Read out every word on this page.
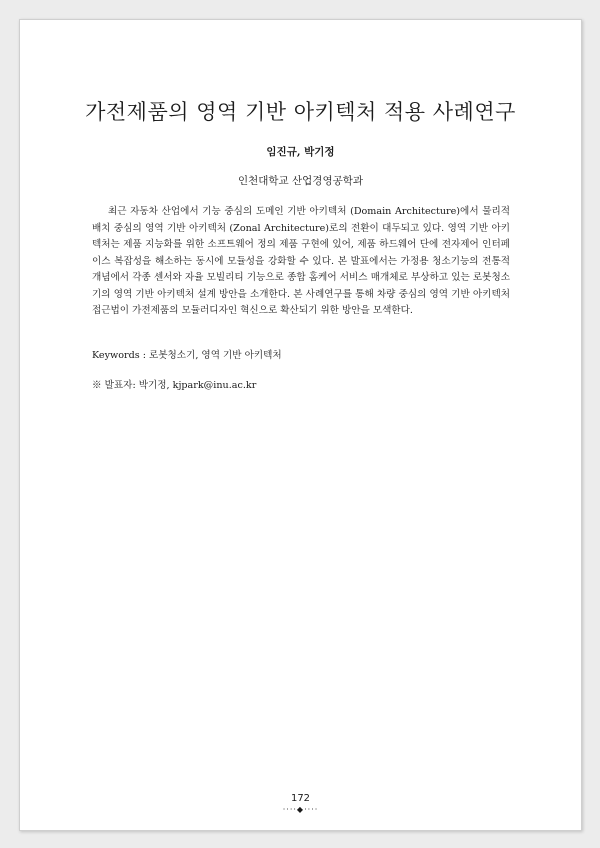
가전제품의 영역 기반 아키텍처 적용 사례연구
임진규, 박기정
인천대학교 산업경영공학과

최근 자동차 산업에서 기능 중심의 도메인 기반 아키텍처 (Domain Architecture)에서 물리적 배치 중심의 영역 기반 아키텍처 (Zonal Architecture)로의 전환이 대두되고 있다. 영역 기반 아키텍처는 제품 지능화를 위한 소프트웨어 정의 제품 구현에 있어, 제품 하드웨어 단에 전자제어 인터페이스 복잡성을 해소하는 동시에 모듈성을 강화할 수 있다. 본 발표에서는 가정용 청소기능의 전통적 개념에서 각종 센서와 자율 모빌리티 기능으로 종합 홈케어 서비스 매개체로 부상하고 있는 로봇청소기의 영역 기반 아키텍처 설계 방안을 소개한다. 본 사례연구를 통해 차량 중심의 영역 기반 아키텍처 접근법이 가전제품의 모듈러디자인 혁신으로 확산되기 위한 방안을 모색한다.

Keywords : 로봇청소기, 영역 기반 아키텍처
※ 발표자: 박기정, kjpark@inu.ac.kr
172
····◆····
